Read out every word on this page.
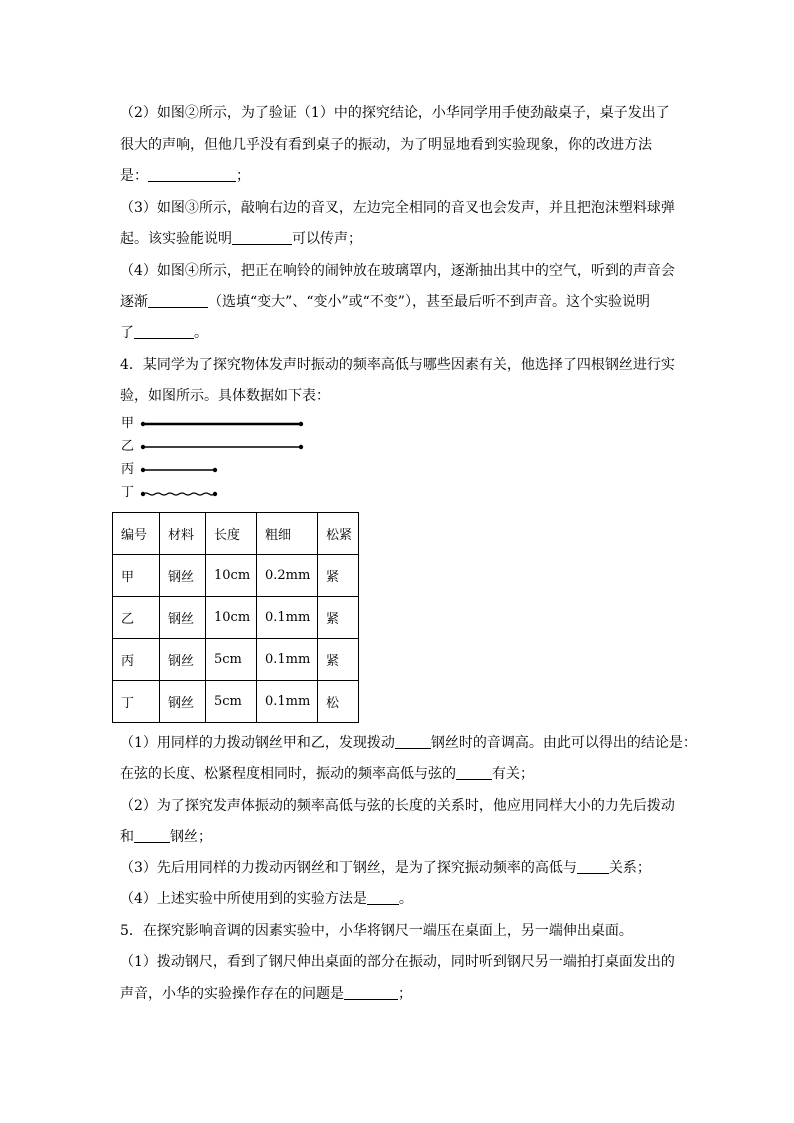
（2）如图②所示，为了验证（1）中的探究结论，小华同学用手使劲敲桌子，桌子发出了
很大的声响，但他几乎没有看到桌子的振动，为了明显地看到实验现象，你的改进方法
是：	；
（3）如图③所示，敲响右边的音叉，左边完全相同的音叉也会发声，并且把泡沫塑料球弹
起。该实验能说明	可以传声；
（4）如图④所示，把正在响铃的闹钟放在玻璃罩内，逐渐抽出其中的空气，听到的声音会
逐渐	（选填“变大”、“变小”或“不变”），甚至最后听不到声音。这个实验说明
了	。
4．某同学为了探究物体发声时振动的频率高低与哪些因素有关，他选择了四根钢丝进行实
验，如图所示。具体数据如下表：
甲
乙
丙
丁
编号	材料	长度	粗细	松紧
甲	钢丝	10cm	0.2mm	紧
乙	钢丝	10cm	0.1mm	紧
丙	钢丝	5cm	0.1mm	紧
丁	钢丝	5cm	0.1mm	松
（1）用同样的力拨动钢丝甲和乙，发现拨动	钢丝时的音调高。由此可以得出的结论是：
在弦的长度、松紧程度相同时，振动的频率高低与弦的	有关；
（2）为了探究发声体振动的频率高低与弦的长度的关系时，他应用同样大小的力先后拨动
和	钢丝；
（3）先后用同样的力拨动丙钢丝和丁钢丝，是为了探究振动频率的高低与 关系；
（4）上述实验中所使用到的实验方法是 。
5．在探究影响音调的因素实验中，小华将钢尺一端压在桌面上，另一端伸出桌面。
（1）拨动钢尺，看到了钢尺伸出桌面的部分在振动，同时听到钢尺另一端拍打桌面发出的
声音，小华的实验操作存在的问题是	；
